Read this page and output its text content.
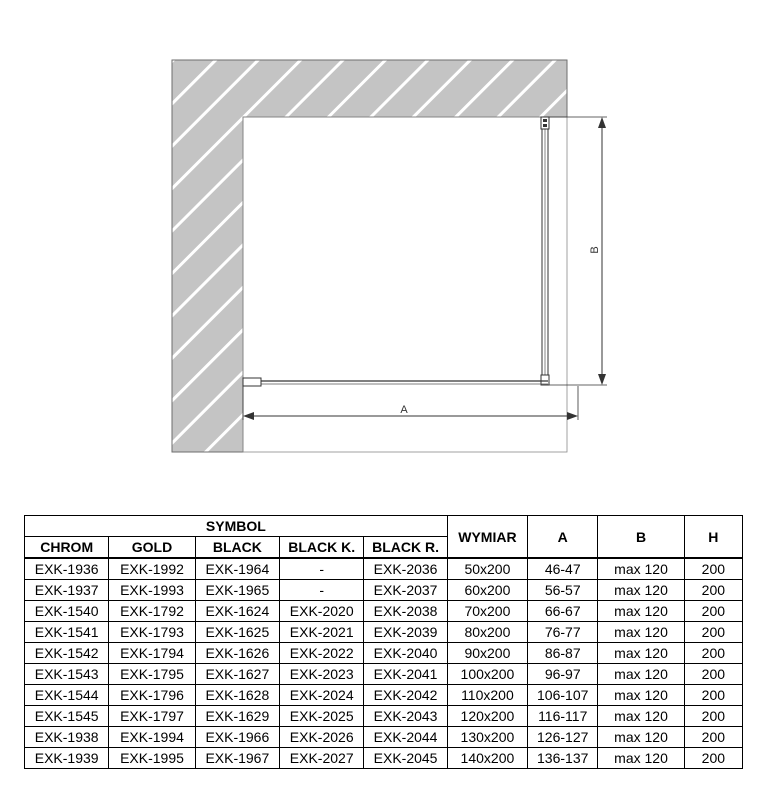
B
A
SYMBOL					WYMIAR	A	B	H
CHROM	GOLD	BLACK	BLACK K.	BLACK R.				
EXK-1936	EXK-1992	EXK-1964	-	EXK-2036	50x200	46-47	max 120	200
EXK-1937	EXK-1993	EXK-1965	-	EXK-2037	60x200	56-57	max 120	200
EXK-1540	EXK-1792	EXK-1624	EXK-2020	EXK-2038	70x200	66-67	max 120	200
EXK-1541	EXK-1793	EXK-1625	EXK-2021	EXK-2039	80x200	76-77	max 120	200
EXK-1542	EXK-1794	EXK-1626	EXK-2022	EXK-2040	90x200	86-87	max 120	200
EXK-1543	EXK-1795	EXK-1627	EXK-2023	EXK-2041	100x200	96-97	max 120	200
EXK-1544	EXK-1796	EXK-1628	EXK-2024	EXK-2042	110x200	106-107	max 120	200
EXK-1545	EXK-1797	EXK-1629	EXK-2025	EXK-2043	120x200	116-117	max 120	200
EXK-1938	EXK-1994	EXK-1966	EXK-2026	EXK-2044	130x200	126-127	max 120	200
EXK-1939	EXK-1995	EXK-1967	EXK-2027	EXK-2045	140x200	136-137	max 120	200
